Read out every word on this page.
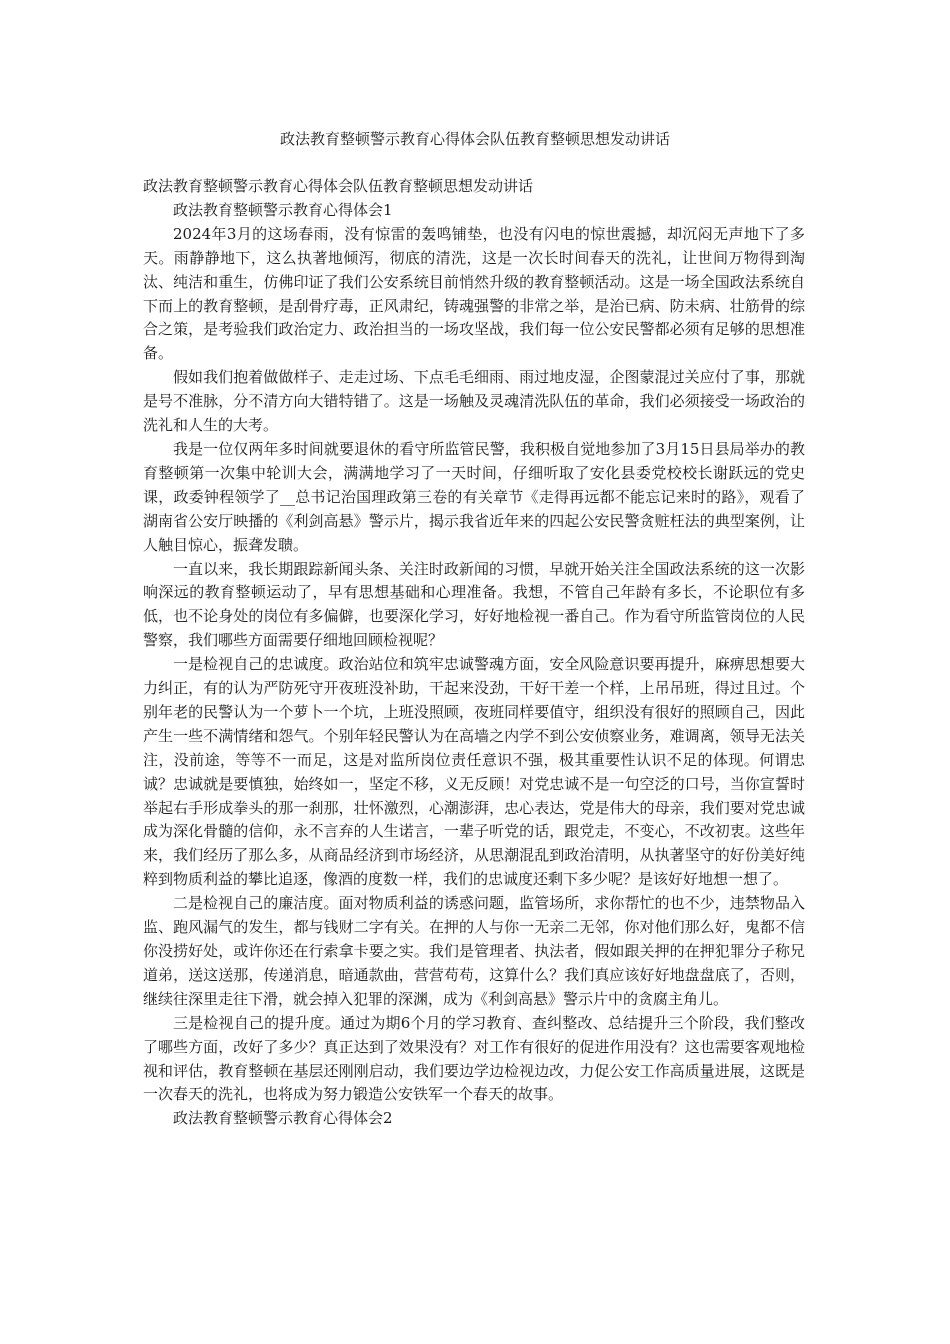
政法教育整顿警示教育心得体会队伍教育整顿思想发动讲话

政法教育整顿警示教育心得体会队伍教育整顿思想发动讲话

政法教育整顿警示教育心得体会1

2024年3月的这场春雨，没有惊雷的轰鸣铺垫，也没有闪电的惊世震撼，却沉闷无声地下了多天。雨静静地下，这么执著地倾泻，彻底的清洗，这是一次长时间春天的洗礼，让世间万物得到淘汰、纯洁和重生，仿佛印证了我们公安系统目前悄然升级的教育整顿活动。这是一场全国政法系统自下而上的教育整顿，是刮骨疗毒，正风肃纪，铸魂强警的非常之举，是治已病、防未病、壮筋骨的综合之策，是考验我们政治定力、政治担当的一场攻坚战，我们每一位公安民警都必须有足够的思想准备。

假如我们抱着做做样子、走走过场、下点毛毛细雨、雨过地皮湿，企图蒙混过关应付了事，那就是号不准脉，分不清方向大错特错了。这是一场触及灵魂清洗队伍的革命，我们必须接受一场政治的洗礼和人生的大考。

我是一位仅两年多时间就要退休的看守所监管民警，我积极自觉地参加了3月15日县局举办的教育整顿第一次集中轮训大会，满满地学习了一天时间，仔细听取了安化县委党校校长谢跃远的党史课，政委钟程领学了__总书记治国理政第三卷的有关章节《走得再远都不能忘记来时的路》，观看了湖南省公安厅映播的《利剑高悬》警示片，揭示我省近年来的四起公安民警贪赃枉法的典型案例，让人触目惊心，振聋发聩。

一直以来，我长期跟踪新闻头条、关注时政新闻的习惯，早就开始关注全国政法系统的这一次影响深远的教育整顿运动了，早有思想基础和心理准备。我想，不管自己年龄有多长，不论职位有多低，也不论身处的岗位有多偏僻，也要深化学习，好好地检视一番自己。作为看守所监管岗位的人民警察，我们哪些方面需要仔细地回顾检视呢？

一是检视自己的忠诚度。政治站位和筑牢忠诚警魂方面，安全风险意识要再提升，麻痹思想要大力纠正，有的认为严防死守开夜班没补助，干起来没劲，干好干差一个样，上吊吊班，得过且过。个别年老的民警认为一个萝卜一个坑，上班没照顾，夜班同样要值守，组织没有很好的照顾自己，因此产生一些不满情绪和怨气。个别年轻民警认为在高墙之内学不到公安侦察业务，难调离，领导无法关注，没前途，等等不一而足，这是对监所岗位责任意识不强，极其重要性认识不足的体现。何谓忠诚？忠诚就是要慎独，始终如一，坚定不移，义无反顾！对党忠诚不是一句空泛的口号，当你宣誓时举起右手形成拳头的那一刹那，壮怀激烈，心潮澎湃，忠心表达，党是伟大的母亲，我们要对党忠诚成为深化骨髓的信仰，永不言弃的人生诺言，一辈子听党的话，跟党走，不变心，不改初衷。这些年来，我们经历了那么多，从商品经济到市场经济，从思潮混乱到政治清明，从执著坚守的好份美好纯粹到物质利益的攀比追逐，像酒的度数一样，我们的忠诚度还剩下多少呢？是该好好地想一想了。

二是检视自己的廉洁度。面对物质利益的诱惑问题，监管场所，求你帮忙的也不少，违禁物品入监、跑风漏气的发生，都与钱财二字有关。在押的人与你一无亲二无邻，你对他们那么好，鬼都不信你没捞好处，或许你还在行索拿卡要之实。我们是管理者、执法者，假如跟关押的在押犯罪分子称兄道弟，送这送那，传递消息，暗通款曲，营营苟苟，这算什么？我们真应该好好地盘盘底了，否则，继续往深里走往下滑，就会掉入犯罪的深渊，成为《利剑高悬》警示片中的贪腐主角儿。

三是检视自己的提升度。通过为期6个月的学习教育、查纠整改、总结提升三个阶段，我们整改了哪些方面，改好了多少？真正达到了效果没有？对工作有很好的促进作用没有？这也需要客观地检视和评估，教育整顿在基层还刚刚启动，我们要边学边检视边改，力促公安工作高质量进展，这既是一次春天的洗礼，也将成为努力锻造公安铁军一个春天的故事。

政法教育整顿警示教育心得体会2
